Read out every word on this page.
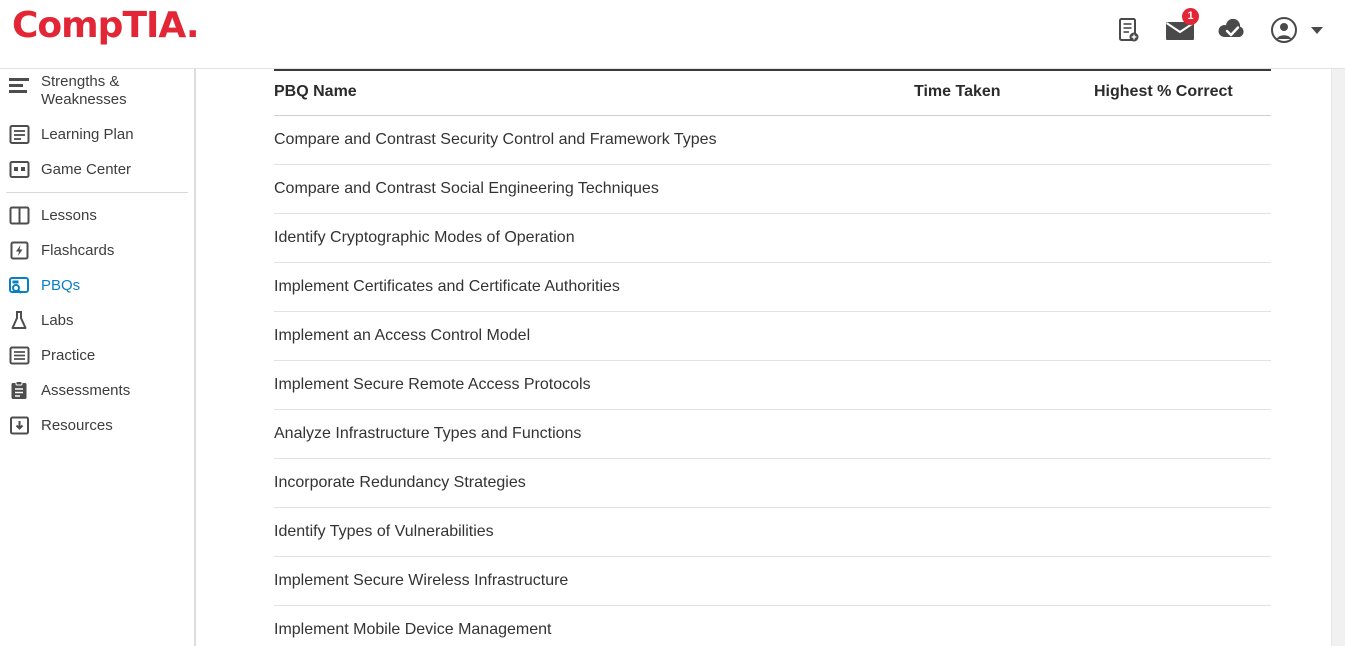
CompTIA.	1
Strengths & Weaknesses
Learning Plan
Game Center
Lessons
Flashcards
PBQs
Labs
Practice
Assessments
Resources
PBQ Name	Time Taken	Highest % Correct
Compare and Contrast Security Control and Framework Types		
Compare and Contrast Social Engineering Techniques		
Identify Cryptographic Modes of Operation		
Implement Certificates and Certificate Authorities		
Implement an Access Control Model		
Implement Secure Remote Access Protocols		
Analyze Infrastructure Types and Functions		
Incorporate Redundancy Strategies		
Identify Types of Vulnerabilities		
Implement Secure Wireless Infrastructure		
Implement Mobile Device Management		
